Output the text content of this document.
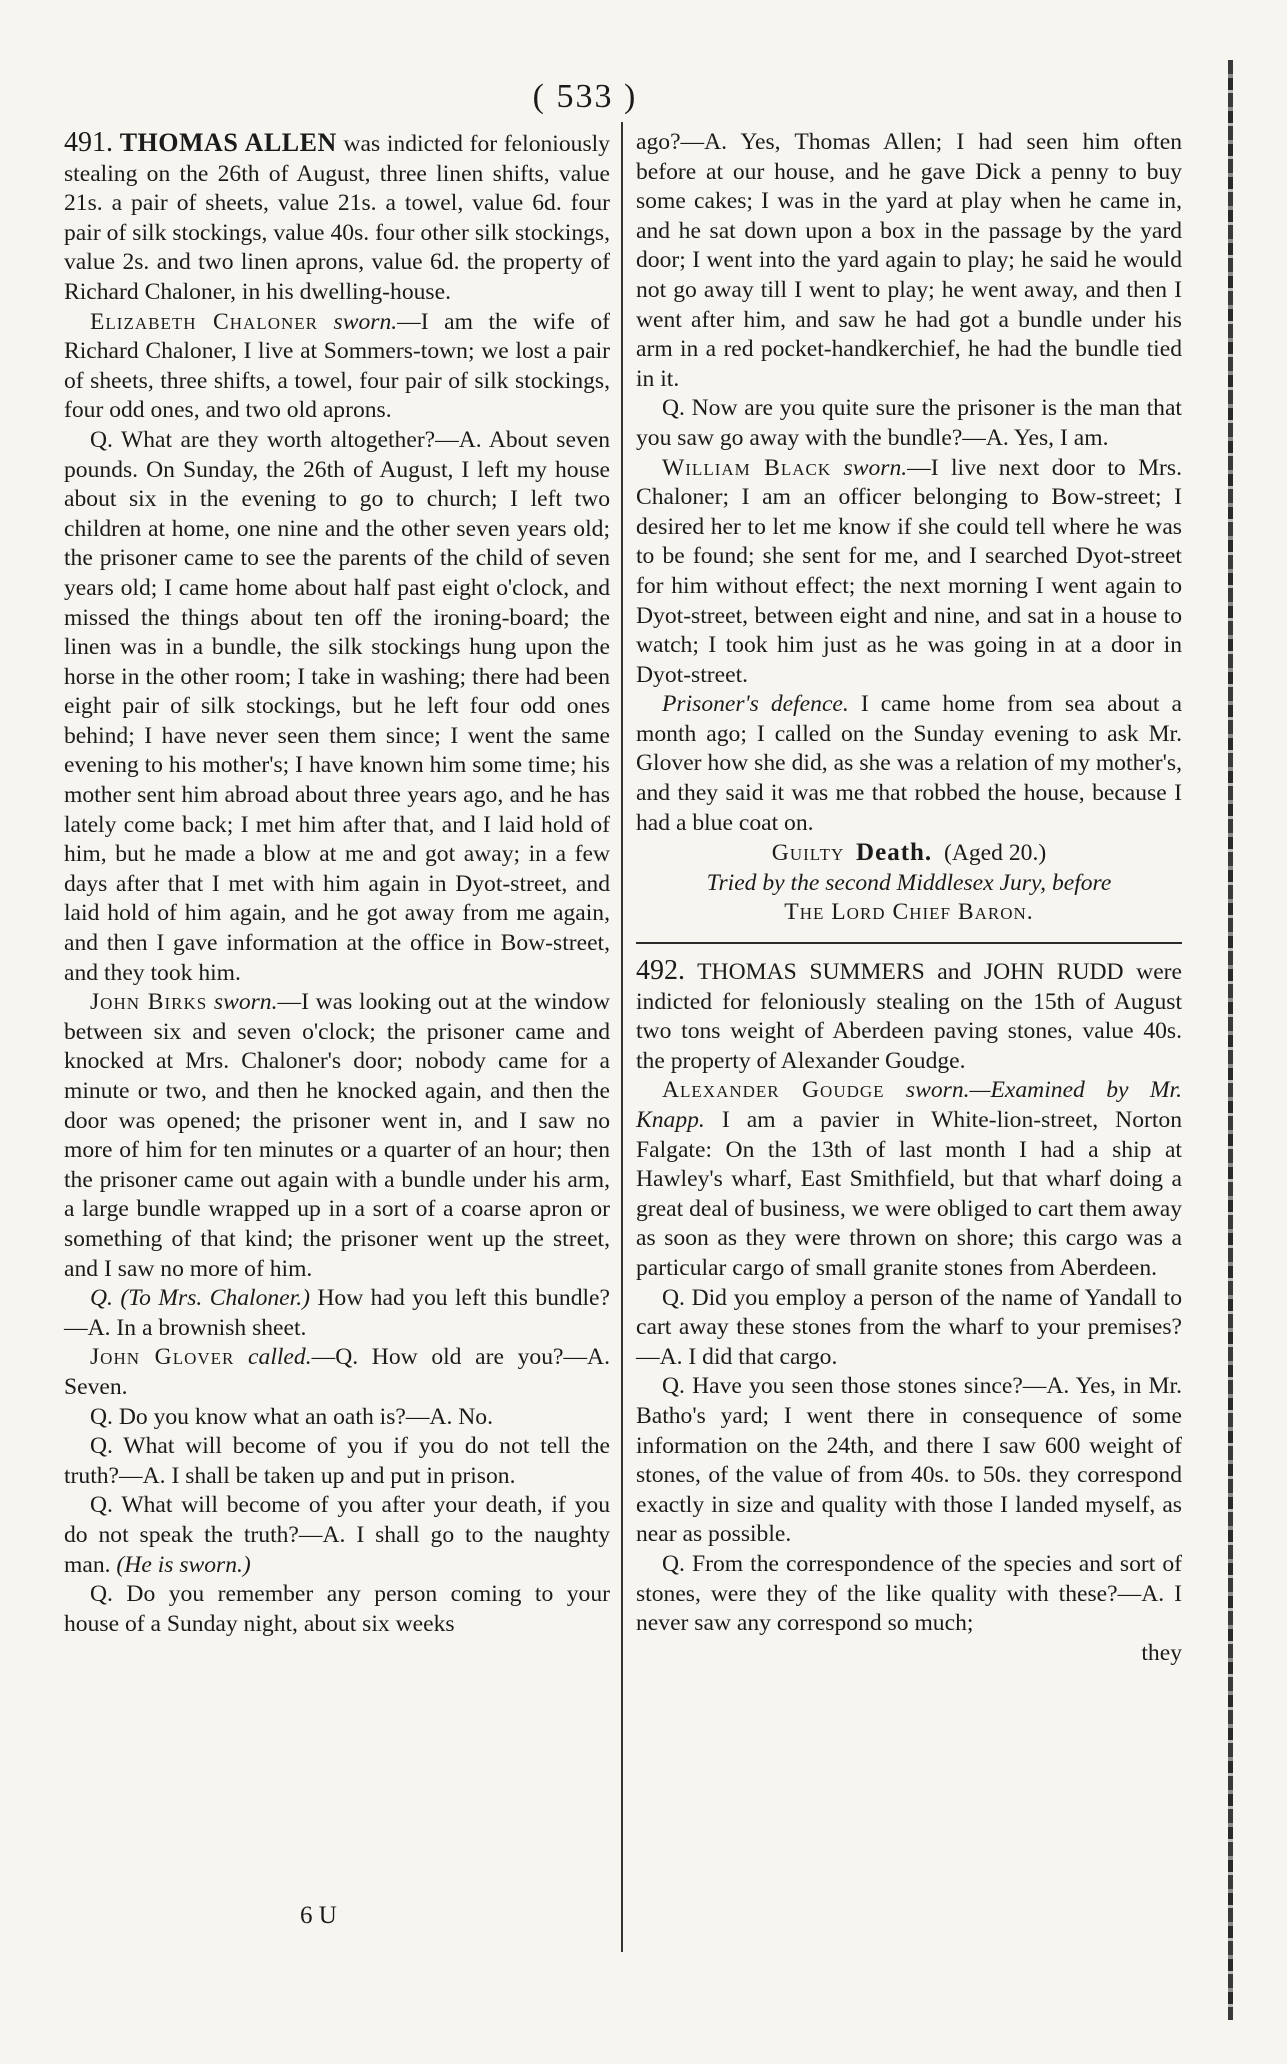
( 533 )

491. THOMAS ALLEN was indicted for feloniously stealing on the 26th of August, three linen shifts, value 21s. a pair of sheets, value 21s. a towel, value 6d. four pair of silk stockings, value 40s. four other silk stockings, value 2s. and two linen aprons, value 6d. the property of Richard Chaloner, in his dwelling-house.

Elizabeth Chaloner sworn.—I am the wife of Richard Chaloner, I live at Sommers-town; we lost a pair of sheets, three shifts, a towel, four pair of silk stockings, four odd ones, and two old aprons.

Q. What are they worth altogether?—A. About seven pounds. On Sunday, the 26th of August, I left my house about six in the evening to go to church; I left two children at home, one nine and the other seven years old; the prisoner came to see the parents of the child of seven years old; I came home about half past eight o'clock, and missed the things about ten off the ironing-board; the linen was in a bundle, the silk stockings hung upon the horse in the other room; I take in washing; there had been eight pair of silk stockings, but he left four odd ones behind; I have never seen them since; I went the same evening to his mother's; I have known him some time; his mother sent him abroad about three years ago, and he has lately come back; I met him after that, and I laid hold of him, but he made a blow at me and got away; in a few days after that I met with him again in Dyot-street, and laid hold of him again, and he got away from me again, and then I gave information at the office in Bow-street, and they took him.

John Birks sworn.—I was looking out at the window between six and seven o'clock; the prisoner came and knocked at Mrs. Chaloner's door; nobody came for a minute or two, and then he knocked again, and then the door was opened; the prisoner went in, and I saw no more of him for ten minutes or a quarter of an hour; then the prisoner came out again with a bundle under his arm, a large bundle wrapped up in a sort of a coarse apron or something of that kind; the prisoner went up the street, and I saw no more of him.

Q. (To Mrs. Chaloner.) How had you left this bundle?—A. In a brownish sheet.

John Glover called.—Q. How old are you?—A. Seven.

Q. Do you know what an oath is?—A. No.

Q. What will become of you if you do not tell the truth?—A. I shall be taken up and put in prison.

Q. What will become of you after your death, if you do not speak the truth?—A. I shall go to the naughty man. (He is sworn.)

Q. Do you remember any person coming to your house of a Sunday night, about six weeks

6 U

ago?—A. Yes, Thomas Allen; I had seen him often before at our house, and he gave Dick a penny to buy some cakes; I was in the yard at play when he came in, and he sat down upon a box in the passage by the yard door; I went into the yard again to play; he said he would not go away till I went to play; he went away, and then I went after him, and saw he had got a bundle under his arm in a red pocket-handkerchief, he had the bundle tied in it.

Q. Now are you quite sure the prisoner is the man that you saw go away with the bundle?—A. Yes, I am.

William Black sworn.—I live next door to Mrs. Chaloner; I am an officer belonging to Bow-street; I desired her to let me know if she could tell where he was to be found; she sent for me, and I searched Dyot-street for him without effect; the next morning I went again to Dyot-street, between eight and nine, and sat in a house to watch; I took him just as he was going in at a door in Dyot-street.

Prisoner's defence. I came home from sea about a month ago; I called on the Sunday evening to ask Mr. Glover how she did, as she was a relation of my mother's, and they said it was me that robbed the house, because I had a blue coat on.

Guilty Death. (Aged 20.)

Tried by the second Middlesex Jury, before

The Lord Chief Baron.

492. THOMAS SUMMERS and JOHN RUDD were indicted for feloniously stealing on the 15th of August two tons weight of Aberdeen paving stones, value 40s. the property of Alexander Goudge.

Alexander Goudge sworn.—Examined by Mr. Knapp. I am a pavier in White-lion-street, Norton Falgate: On the 13th of last month I had a ship at Hawley's wharf, East Smithfield, but that wharf doing a great deal of business, we were obliged to cart them away as soon as they were thrown on shore; this cargo was a particular cargo of small granite stones from Aberdeen.

Q. Did you employ a person of the name of Yandall to cart away these stones from the wharf to your premises?—A. I did that cargo.

Q. Have you seen those stones since?—A. Yes, in Mr. Batho's yard; I went there in consequence of some information on the 24th, and there I saw 600 weight of stones, of the value of from 40s. to 50s. they correspond exactly in size and quality with those I landed myself, as near as possible.

Q. From the correspondence of the species and sort of stones, were they of the like quality with these?—A. I never saw any correspond so much;

they
